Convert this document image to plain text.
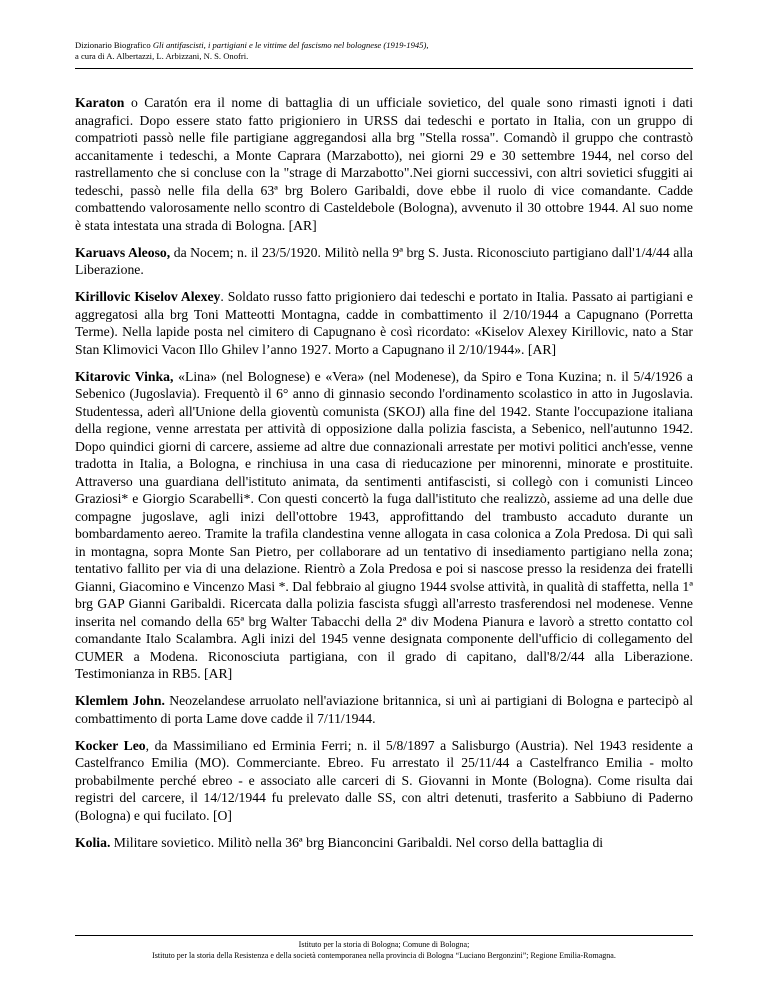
Dizionario Biografico Gli antifascisti, i partigiani e le vittime del fascismo nel bolognese (1919-1945),
a cura di A. Albertazzi, L. Arbizzani, N. S. Onofri.

Karaton o Caratón era il nome di battaglia di un ufficiale sovietico, del quale sono rimasti ignoti i dati anagrafici. Dopo essere stato fatto prigioniero in URSS dai tedeschi e portato in Italia, con un gruppo di compatrioti passò nelle file partigiane aggregandosi alla brg "Stella rossa". Comandò il gruppo che contrastò accanitamente i tedeschi, a Monte Caprara (Marzabotto), nei giorni 29 e 30 settembre 1944, nel corso del rastrellamento che si concluse con la "strage di Marzabotto".Nei giorni successivi, con altri sovietici sfuggiti ai tedeschi, passò nelle fila della 63ª brg Bolero Garibaldi, dove ebbe il ruolo di vice comandante. Cadde combattendo valorosamente nello scontro di Casteldebole (Bologna), avvenuto il 30 ottobre 1944. Al suo nome è stata intestata una strada di Bologna. [AR]

Karuavs Aleoso, da Nocem; n. il 23/5/1920. Militò nella 9ª brg S. Justa. Riconosciuto partigiano dall'1/4/44 alla Liberazione.

Kirillovic Kiselov Alexey. Soldato russo fatto prigioniero dai tedeschi e portato in Italia. Passato ai partigiani e aggregatosi alla brg Toni Matteotti Montagna, cadde in combattimento il 2/10/1944 a Capugnano (Porretta Terme). Nella lapide posta nel cimitero di Capugnano è così ricordato: «Kiselov Alexey Kirillovic, nato a Star Stan Klimovici Vacon Illo Ghilev l’anno 1927. Morto a Capugnano il 2/10/1944». [AR]

Kitarovic Vinka, «Lina» (nel Bolognese) e «Vera» (nel Modenese), da Spiro e Tona Kuzina; n. il 5/4/1926 a Sebenico (Jugoslavia). Frequentò il 6° anno di ginnasio secondo l'ordinamento scolastico in atto in Jugoslavia. Studentessa, aderì all'Unione della gioventù comunista (SKOJ) alla fine del 1942. Stante l'occupazione italiana della regione, venne arrestata per attività di opposizione dalla polizia fascista, a Sebenico, nell'autunno 1942. Dopo quindici giorni di carcere, assieme ad altre due connazionali arrestate per motivi politici anch'esse, venne tradotta in Italia, a Bologna, e rinchiusa in una casa di rieducazione per minorenni, minorate e prostituite. Attraverso una guardiana dell'istituto animata, da sentimenti antifascisti, si collegò con i comunisti Linceo Graziosi* e Giorgio Scarabelli*. Con questi concertò la fuga dall'istituto che realizzò, assieme ad una delle due compagne jugoslave, agli inizi dell'ottobre 1943, approfittando del trambusto accaduto durante un bombardamento aereo. Tramite la trafila clandestina venne allogata in casa colonica a Zola Predosa. Di qui salì in montagna, sopra Monte San Pietro, per collaborare ad un tentativo di insediamento partigiano nella zona; tentativo fallito per via di una delazione. Rientrò a Zola Predosa e poi si nascose presso la residenza dei fratelli Gianni, Giacomino e Vincenzo Masi *. Dal febbraio al giugno 1944 svolse attività, in qualità di staffetta, nella 1ª brg GAP Gianni Garibaldi. Ricercata dalla polizia fascista sfuggì all'arresto trasferendosi nel modenese. Venne inserita nel comando della 65ª brg Walter Tabacchi della 2ª div Modena Pianura e lavorò a stretto contatto col comandante Italo Scalambra. Agli inizi del 1945 venne designata componente dell'ufficio di collegamento del CUMER a Modena. Riconosciuta partigiana, con il grado di capitano, dall'8/2/44 alla Liberazione. Testimonianza in RB5. [AR]

Klemlem John. Neozelandese arruolato nell'aviazione britannica, si unì ai partigiani di Bologna e partecipò al combattimento di porta Lame dove cadde il 7/11/1944.

Kocker Leo, da Massimiliano ed Erminia Ferri; n. il 5/8/1897 a Salisburgo (Austria). Nel 1943 residente a Castelfranco Emilia (MO). Commerciante. Ebreo. Fu arrestato il 25/11/44 a Castelfranco Emilia - molto probabilmente perché ebreo - e associato alle carceri di S. Giovanni in Monte (Bologna). Come risulta dai registri del carcere, il 14/12/1944 fu prelevato dalle SS, con altri detenuti, trasferito a Sabbiuno di Paderno (Bologna) e qui fucilato. [O]

Kolia. Militare sovietico. Militò nella 36ª brg Bianconcini Garibaldi. Nel corso della battaglia di

Istituto per la storia di Bologna; Comune di Bologna;
Istituto per la storia della Resistenza e della società contemporanea nella provincia di Bologna “Luciano Bergonzini”; Regione Emilia-Romagna.
